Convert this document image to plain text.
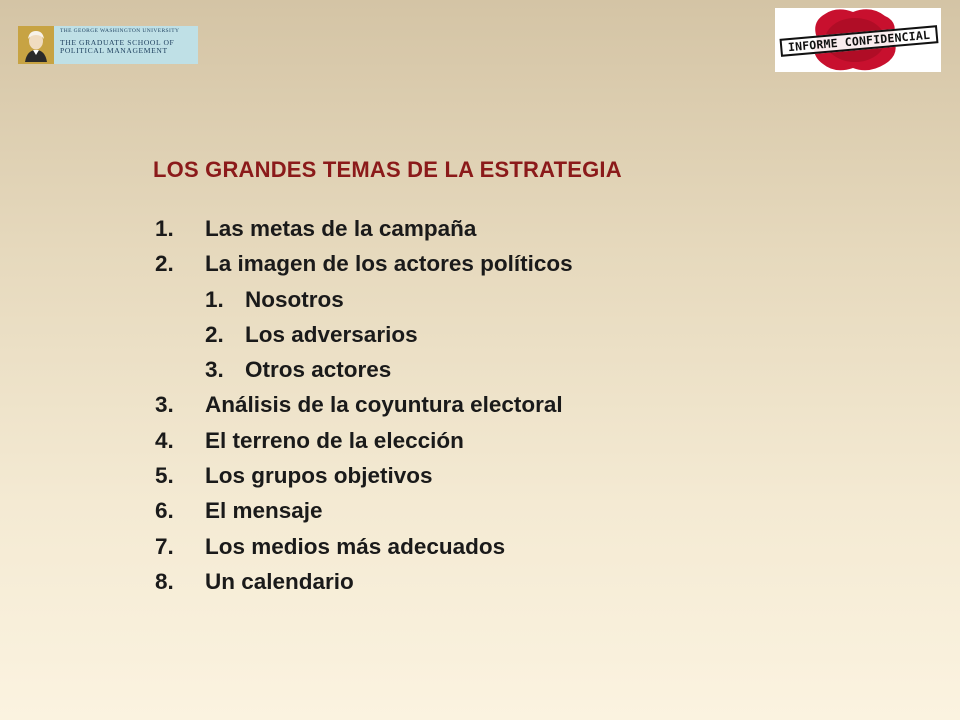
THE GEORGE WASHINGTON UNIVERSITY
THE GRADUATE SCHOOL OF
POLITICAL MANAGEMENT	INFORME CONFIDENCIAL
LOS GRANDES TEMAS DE LA ESTRATEGIA
1.	Las metas de la campaña
2.	La imagen de los actores políticos
1. Nosotros
2. Los adversarios
3. Otros actores
3.	Análisis de la coyuntura electoral
4.	El terreno de la elección
5.	Los grupos objetivos
6.	El mensaje
7.	Los medios más adecuados
8.	Un calendario
